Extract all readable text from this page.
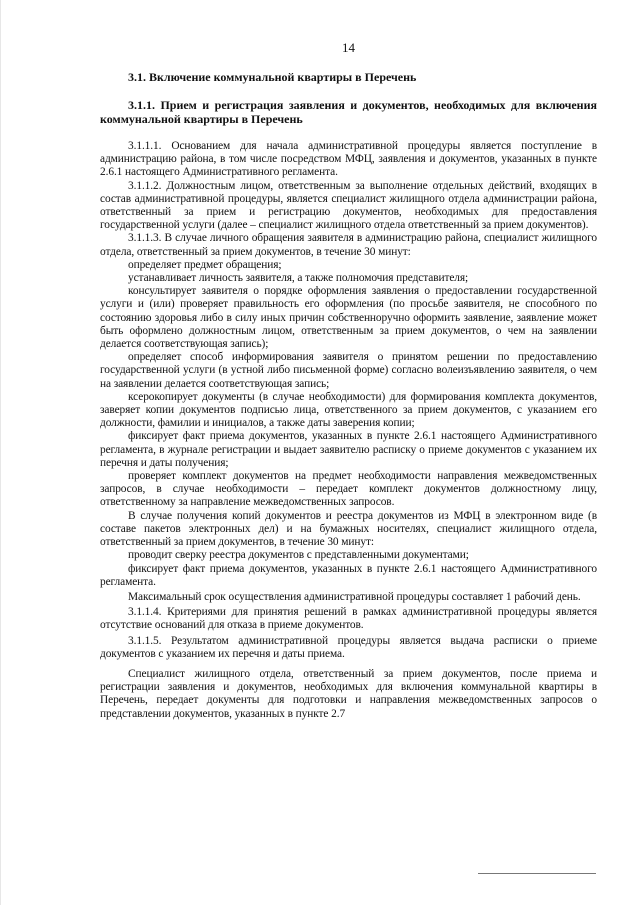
14

3.1. Включение коммунальной квартиры в Перечень

3.1.1. Прием и регистрация заявления и документов, необходимых для включения коммунальной квартиры в Перечень

3.1.1.1. Основанием для начала административной процедуры является поступление в администрацию района, в том числе посредством МФЦ, заявления и документов, указанных в пункте 2.6.1 настоящего Административного регламента.

3.1.1.2. Должностным лицом, ответственным за выполнение отдельных действий, входящих в состав административной процедуры, является специалист жилищного отдела администрации района, ответственный за прием и регистрацию документов, необходимых для предоставления государственной услуги (далее – специалист жилищного отдела ответственный за прием документов).

3.1.1.3. В случае личного обращения заявителя в администрацию района, специалист жилищного отдела, ответственный за прием документов, в течение 30 минут:

определяет предмет обращения;

устанавливает личность заявителя, а также полномочия представителя;

консультирует заявителя о порядке оформления заявления о предоставлении государственной услуги и (или) проверяет правильность его оформления (по просьбе заявителя, не способного по состоянию здоровья либо в силу иных причин собственноручно оформить заявление, заявление может быть оформлено должностным лицом, ответственным за прием документов, о чем на заявлении делается соответствующая запись);

определяет способ информирования заявителя о принятом решении по предоставлению государственной услуги (в устной либо письменной форме) согласно волеизъявлению заявителя, о чем на заявлении делается соответствующая запись;

ксерокопирует документы (в случае необходимости) для формирования комплекта документов, заверяет копии документов подписью лица, ответственного за прием документов, с указанием его должности, фамилии и инициалов, а также даты заверения копии;

фиксирует факт приема документов, указанных в пункте 2.6.1 настоящего Административного регламента, в журнале регистрации и выдает заявителю расписку о приеме документов с указанием их перечня и даты получения;

проверяет комплект документов на предмет необходимости направления межведомственных запросов, в случае необходимости – передает комплект документов должностному лицу, ответственному за направление межведомственных запросов.

В случае получения копий документов и реестра документов из МФЦ в электронном виде (в составе пакетов электронных дел) и на бумажных носителях, специалист жилищного отдела, ответственный за прием документов, в течение 30 минут:

проводит сверку реестра документов с представленными документами;

фиксирует факт приема документов, указанных в пункте 2.6.1 настоящего Административного регламента.

Максимальный срок осуществления административной процедуры составляет 1 рабочий день.

3.1.1.4. Критериями для принятия решений в рамках административной процедуры является отсутствие оснований для отказа в приеме документов.

3.1.1.5. Результатом административной процедуры является выдача расписки о приеме документов с указанием их перечня и даты приема.

Специалист жилищного отдела, ответственный за прием документов, после приема и регистрации заявления и документов, необходимых для включения коммунальной квартиры в Перечень, передает документы для подготовки и направления межведомственных запросов о представлении документов, указанных в пункте 2.7
